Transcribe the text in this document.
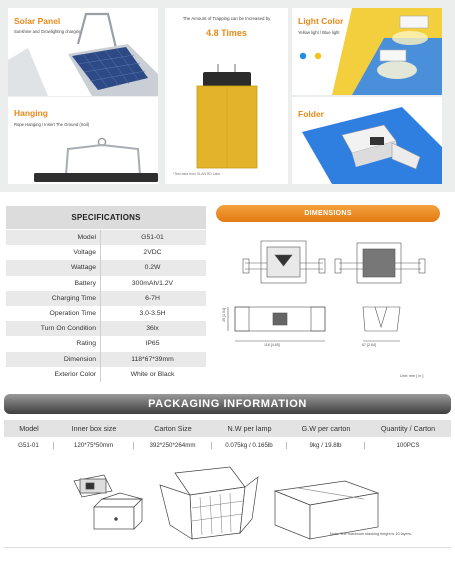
Solar Panel
Sunshine and Growlighting charging
The Amount of Trapping can be Increased by
4.8 Times
*Test data from GLAN RD Labs
Light Color
Yellow light / Blue light
Hanging
Rope Hanging / Insert The Ground (Soil)
Folder
SPECIFICATIONS
Model	G51-01
Voltage	2VDC
Wattage	0.2W
Battery	300mAh/1.2V
Charging Time	6-7H
Operation Time	3.0-3.5H
Turn On Condition	36lx
Rating	IP65
Dimension	118*67*39mm
Exterior Color	White or Black
DIMENSIONS
118 [4.65]
39 [1.54]
67 [2.64]
Unit: mm [ in ]
PACKAGING INFORMATION
Model	Inner box size	Carton Size	N.W per lamp	G.W per carton	Quantity / Carton
G51-01	120*75*50mm	392*250*264mm	0.075kg / 0.165lb	9kg / 19.8lb	100PCS
Note: The maximum stacking height is 10 layers.
